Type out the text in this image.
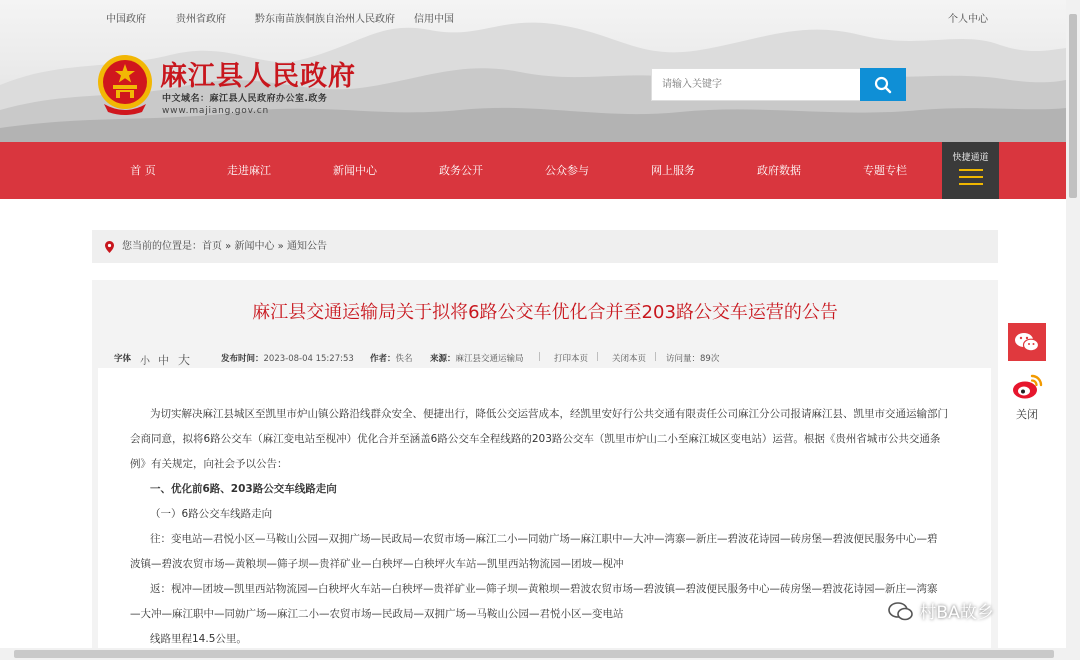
麻江县人民政府
中文域名：麻江县人民政府办公室.政务
www.majiang.gov.cn
请输入关键字
中国政府	贵州省政府	黔东南苗族侗族自治州人民政府 信用中国	个人中心
首 页	走进麻江	新闻中心	政务公开	公众参与	网上服务	政府数据	专题专栏
快捷通道
您当前的位置是：首页 » 新闻中心 » 通知公告
麻江县交通运输局关于拟将6路公交车优化合并至203路公交车运营的公告
字体 小 中 大	发布时间：2023-08-04 15:27:53 作者：佚名 来源：麻江县交通运输局 | 打印本页 | 关闭本页 | 访问量：89次
为切实解决麻江县城区至凯里市炉山镇公路沿线群众安全、便捷出行，降低公交运营成本，经凯里安好行公共交通有限责任公司麻江分公司报请麻江县、凯里市交通运输部门
会商同意，拟将6路公交车（麻江变电站至枧冲）优化合并至涵盖6路公交车全程线路的203路公交车（凯里市炉山二小至麻江城区变电站）运营。根据《贵州省城市公共交通条
例》有关规定，向社会予以公告：
一、优化前6路、203路公交车线路走向
（一）6路公交车线路走向
往：变电站—君悦小区—马鞍山公园—双拥广场—民政局—农贸市场—麻江二小—同勍广场—麻江职中—大冲—湾寨—新庄—碧波花诗园—砖房堡—碧波便民服务中心—碧
波镇—碧波农贸市场—黄粮坝—筛子坝—贵祥矿业—白秧坪—白秧坪火车站—凯里西站物流园—团坡—枧冲
返：枧冲—团坡—凯里西站物流园—白秧坪火车站—白秧坪—贵祥矿业—筛子坝—黄粮坝—碧波农贸市场—碧波镇—碧波便民服务中心—砖房堡—碧波花诗园—新庄—湾寨
—大冲—麻江职中—同勍广场—麻江二小—农贸市场—民政局—双拥广场—马鞍山公园—君悦小区—变电站
线路里程14.5公里。
关闭
村BA故乡
